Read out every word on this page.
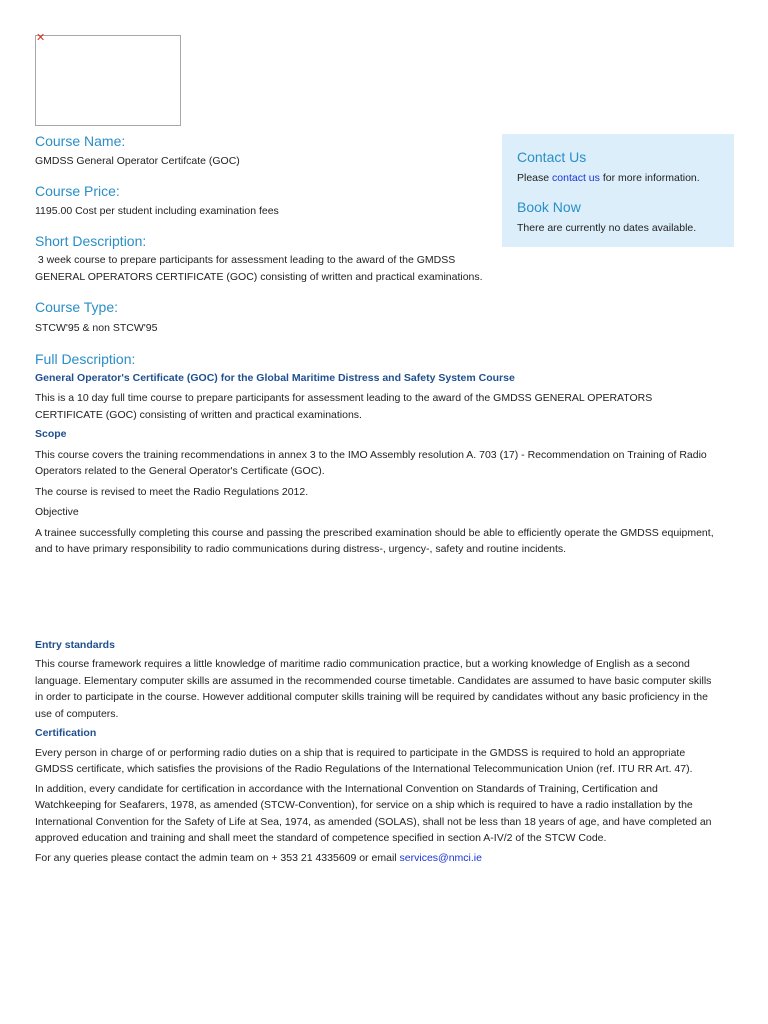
✕

Course Name:

GMDSS General Operator Certifcate (GOC)

Course Price:

1195.00 Cost per student including examination fees

Short Description:

3 week course to prepare participants for assessment leading to the award of the GMDSS

GENERAL OPERATORS CERTIFICATE (GOC) consisting of written and practical examinations.

Course Type:

STCW'95 & non STCW'95

Full Description:

General Operator's Certificate (GOC) for the Global Maritime Distress and Safety System Course

This is a 10 day full time course to prepare participants for assessment leading to the award of the GMDSS GENERAL OPERATORS

CERTIFICATE (GOC) consisting of written and practical examinations.

Scope

This course covers the training recommendations in annex 3 to the IMO Assembly resolution A. 703 (17) - Recommendation on Training of Radio

Operators related to the General Operator's Certificate (GOC).

The course is revised to meet the Radio Regulations 2012.

Objective

A trainee successfully completing this course and passing the prescribed examination should be able to efficiently operate the GMDSS equipment,

and to have primary responsibility to radio communications during distress-, urgency-, safety and routine incidents.

Entry standards

This course framework requires a little knowledge of maritime radio communication practice, but a working knowledge of English as a second

language. Elementary computer skills are assumed in the recommended course timetable. Candidates are assumed to have basic computer skills

in order to participate in the course. However additional computer skills training will be required by candidates without any basic proficiency in the

use of computers.

Certification

Every person in charge of or performing radio duties on a ship that is required to participate in the GMDSS is required to hold an appropriate

GMDSS certificate, which satisfies the provisions of the Radio Regulations of the International Telecommunication Union (ref. ITU RR Art. 47).

In addition, every candidate for certification in accordance with the International Convention on Standards of Training, Certification and

Watchkeeping for Seafarers, 1978, as amended (STCW-Convention), for service on a ship which is required to have a radio installation by the

International Convention for the Safety of Life at Sea, 1974, as amended (SOLAS), shall not be less than 18 years of age, and have completed an

approved education and training and shall meet the standard of competence specified in section A-IV/2 of the STCW Code.

For any queries please contact the admin team on + 353 21 4335609 or email services@nmci.ie

Contact Us

Please contact us for more information.

Book Now

There are currently no dates available.
